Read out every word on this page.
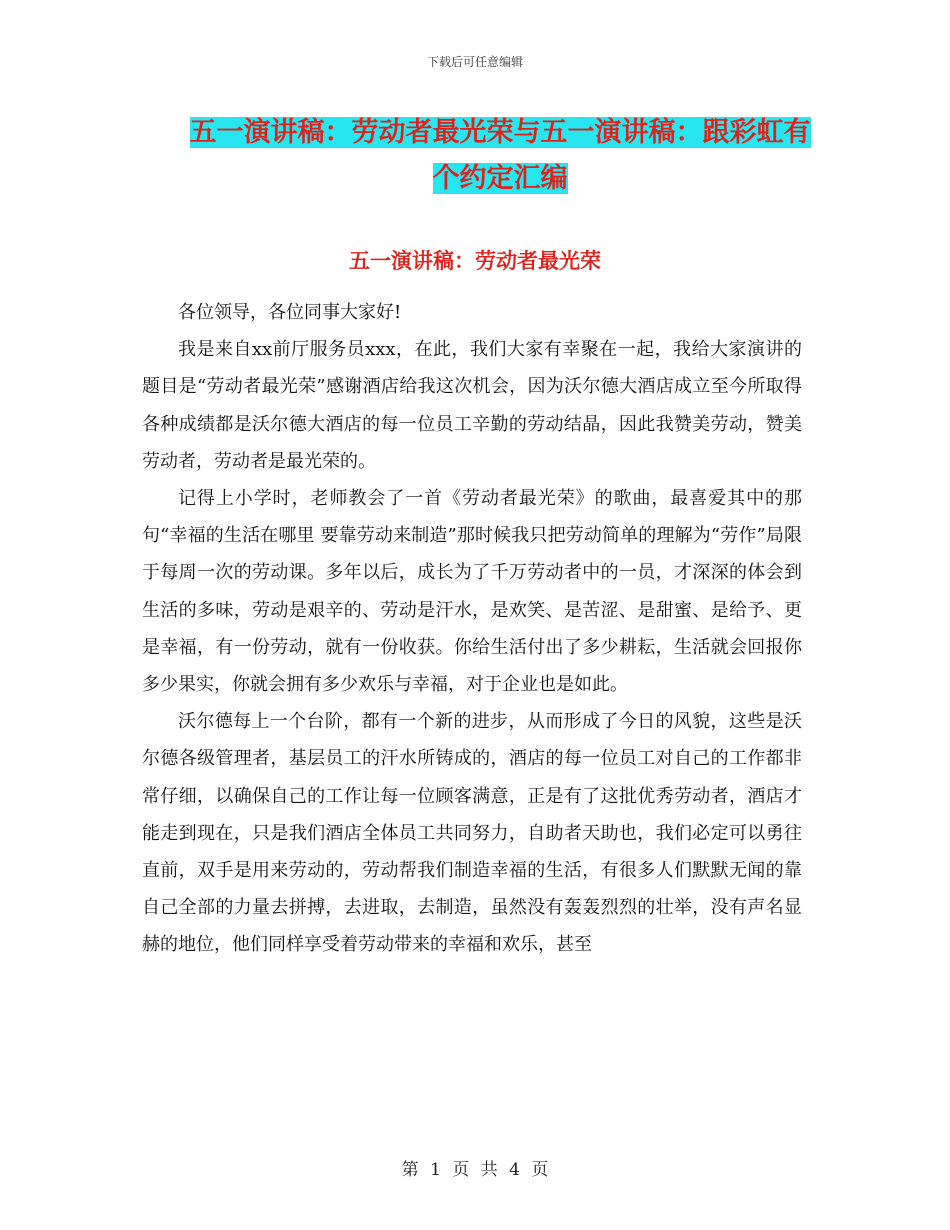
下载后可任意编辑
五一演讲稿：劳动者最光荣与五一演讲稿：跟彩虹有
个约定汇编
五一演讲稿：劳动者最光荣

各位领导，各位同事大家好!

我是来自xx前厅服务员xxx，在此，我们大家有幸聚在一起，我给大家演讲的题目是“劳动者最光荣”感谢酒店给我这次机会，因为沃尔德大酒店成立至今所取得各种成绩都是沃尔德大酒店的每一位员工辛勤的劳动结晶，因此我赞美劳动，赞美劳动者，劳动者是最光荣的。

记得上小学时，老师教会了一首《劳动者最光荣》的歌曲，最喜爱其中的那句“幸福的生活在哪里 要靠劳动来制造”那时候我只把劳动简单的理解为“劳作”局限于每周一次的劳动课。多年以后，成长为了千万劳动者中的一员，才深深的体会到生活的多味，劳动是艰辛的、劳动是汗水，是欢笑、是苦涩、是甜蜜、是给予、更是幸福，有一份劳动，就有一份收获。你给生活付出了多少耕耘，生活就会回报你多少果实，你就会拥有多少欢乐与幸福，对于企业也是如此。

沃尔德每上一个台阶，都有一个新的进步，从而形成了今日的风貌，这些是沃尔德各级管理者，基层员工的汗水所铸成的，酒店的每一位员工对自己的工作都非常仔细，以确保自己的工作让每一位顾客满意，正是有了这批优秀劳动者，酒店才能走到现在，只是我们酒店全体员工共同努力，自助者天助也，我们必定可以勇往直前，双手是用来劳动的，劳动帮我们制造幸福的生活，有很多人们默默无闻的靠自己全部的力量去拼搏，去进取，去制造，虽然没有轰轰烈烈的壮举，没有声名显赫的地位，他们同样享受着劳动带来的幸福和欢乐，甚至

第 1 页 共 4 页
